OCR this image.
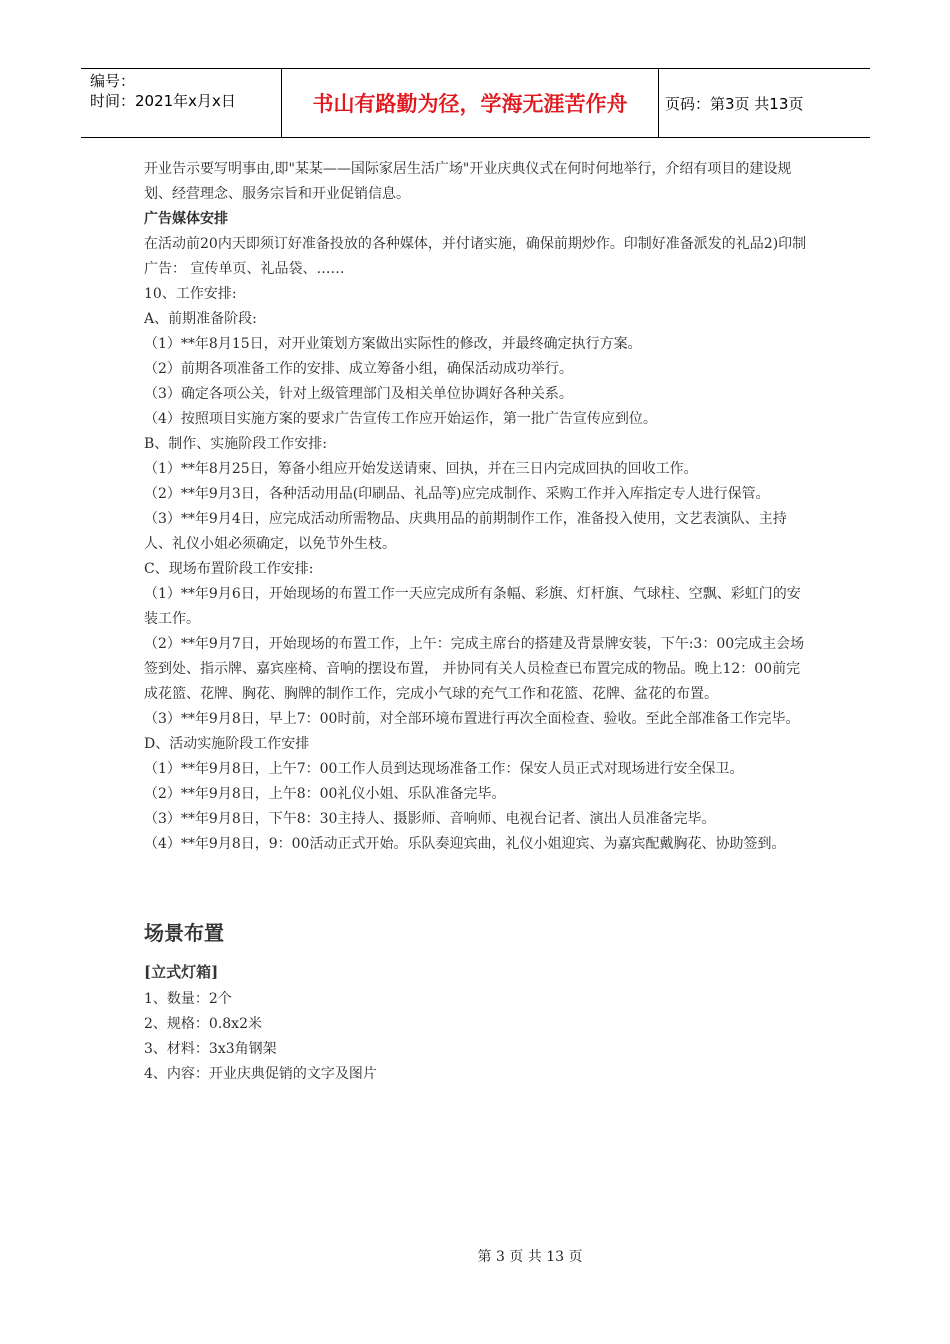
编号：
时间：2021年x月x日	书山有路勤为径，学海无涯苦作舟	页码：第3页 共13页

开业告示要写明事由,即"某某——国际家居生活广场"开业庆典仪式在何时何地举行，介绍有项目的建设规划、经营理念、服务宗旨和开业促销信息。

广告媒体安排

在活动前20内天即须订好准备投放的各种媒体，并付诸实施，确保前期炒作。印制好准备派发的礼品2)印制广告： 宣传单页、礼品袋、……

10、工作安排:

A、前期准备阶段:

（1）**年8月15日，对开业策划方案做出实际性的修改，并最终确定执行方案。

（2）前期各项准备工作的安排、成立筹备小组，确保活动成功举行。

（3）确定各项公关，针对上级管理部门及相关单位协调好各种关系。

（4）按照项目实施方案的要求广告宣传工作应开始运作，第一批广告宣传应到位。

B、制作、实施阶段工作安排:

（1）**年8月25日，筹备小组应开始发送请柬、回执，并在三日内完成回执的回收工作。

（2）**年9月3日，各种活动用品(印刷品、礼品等)应完成制作、采购工作并入库指定专人进行保管。

（3）**年9月4日，应完成活动所需物品、庆典用品的前期制作工作，准备投入使用，文艺表演队、主持人、礼仪小姐必须确定，以免节外生枝。

C、现场布置阶段工作安排:

（1）**年9月6日，开始现场的布置工作一天应完成所有条幅、彩旗、灯杆旗、气球柱、空飘、彩虹门的安装工作。

（2）**年9月7日，开始现场的布置工作，上午：完成主席台的搭建及背景牌安装，下午:3：00完成主会场签到处、指示牌、嘉宾座椅、音响的摆设布置， 并协同有关人员检查已布置完成的物品。晚上12：00前完成花篮、花牌、胸花、胸牌的制作工作，完成小气球的充气工作和花篮、花牌、盆花的布置。

（3）**年9月8日，早上7：00时前，对全部环境布置进行再次全面检查、验收。至此全部准备工作完毕。

D、活动实施阶段工作安排

（1）**年9月8日，上午7：00工作人员到达现场准备工作：保安人员正式对现场进行安全保卫。

（2）**年9月8日，上午8：00礼仪小姐、乐队准备完毕。

（3）**年9月8日，下午8：30主持人、摄影师、音响师、电视台记者、演出人员准备完毕。

（4）**年9月8日，9：00活动正式开始。乐队奏迎宾曲，礼仪小姐迎宾、为嘉宾配戴胸花、协助签到。

场景布置
[立式灯箱]

1、数量：2个

2、规格：0.8x2米

3、材料：3x3角钢架

4、内容：开业庆典促销的文字及图片

第 3 页 共 13 页
